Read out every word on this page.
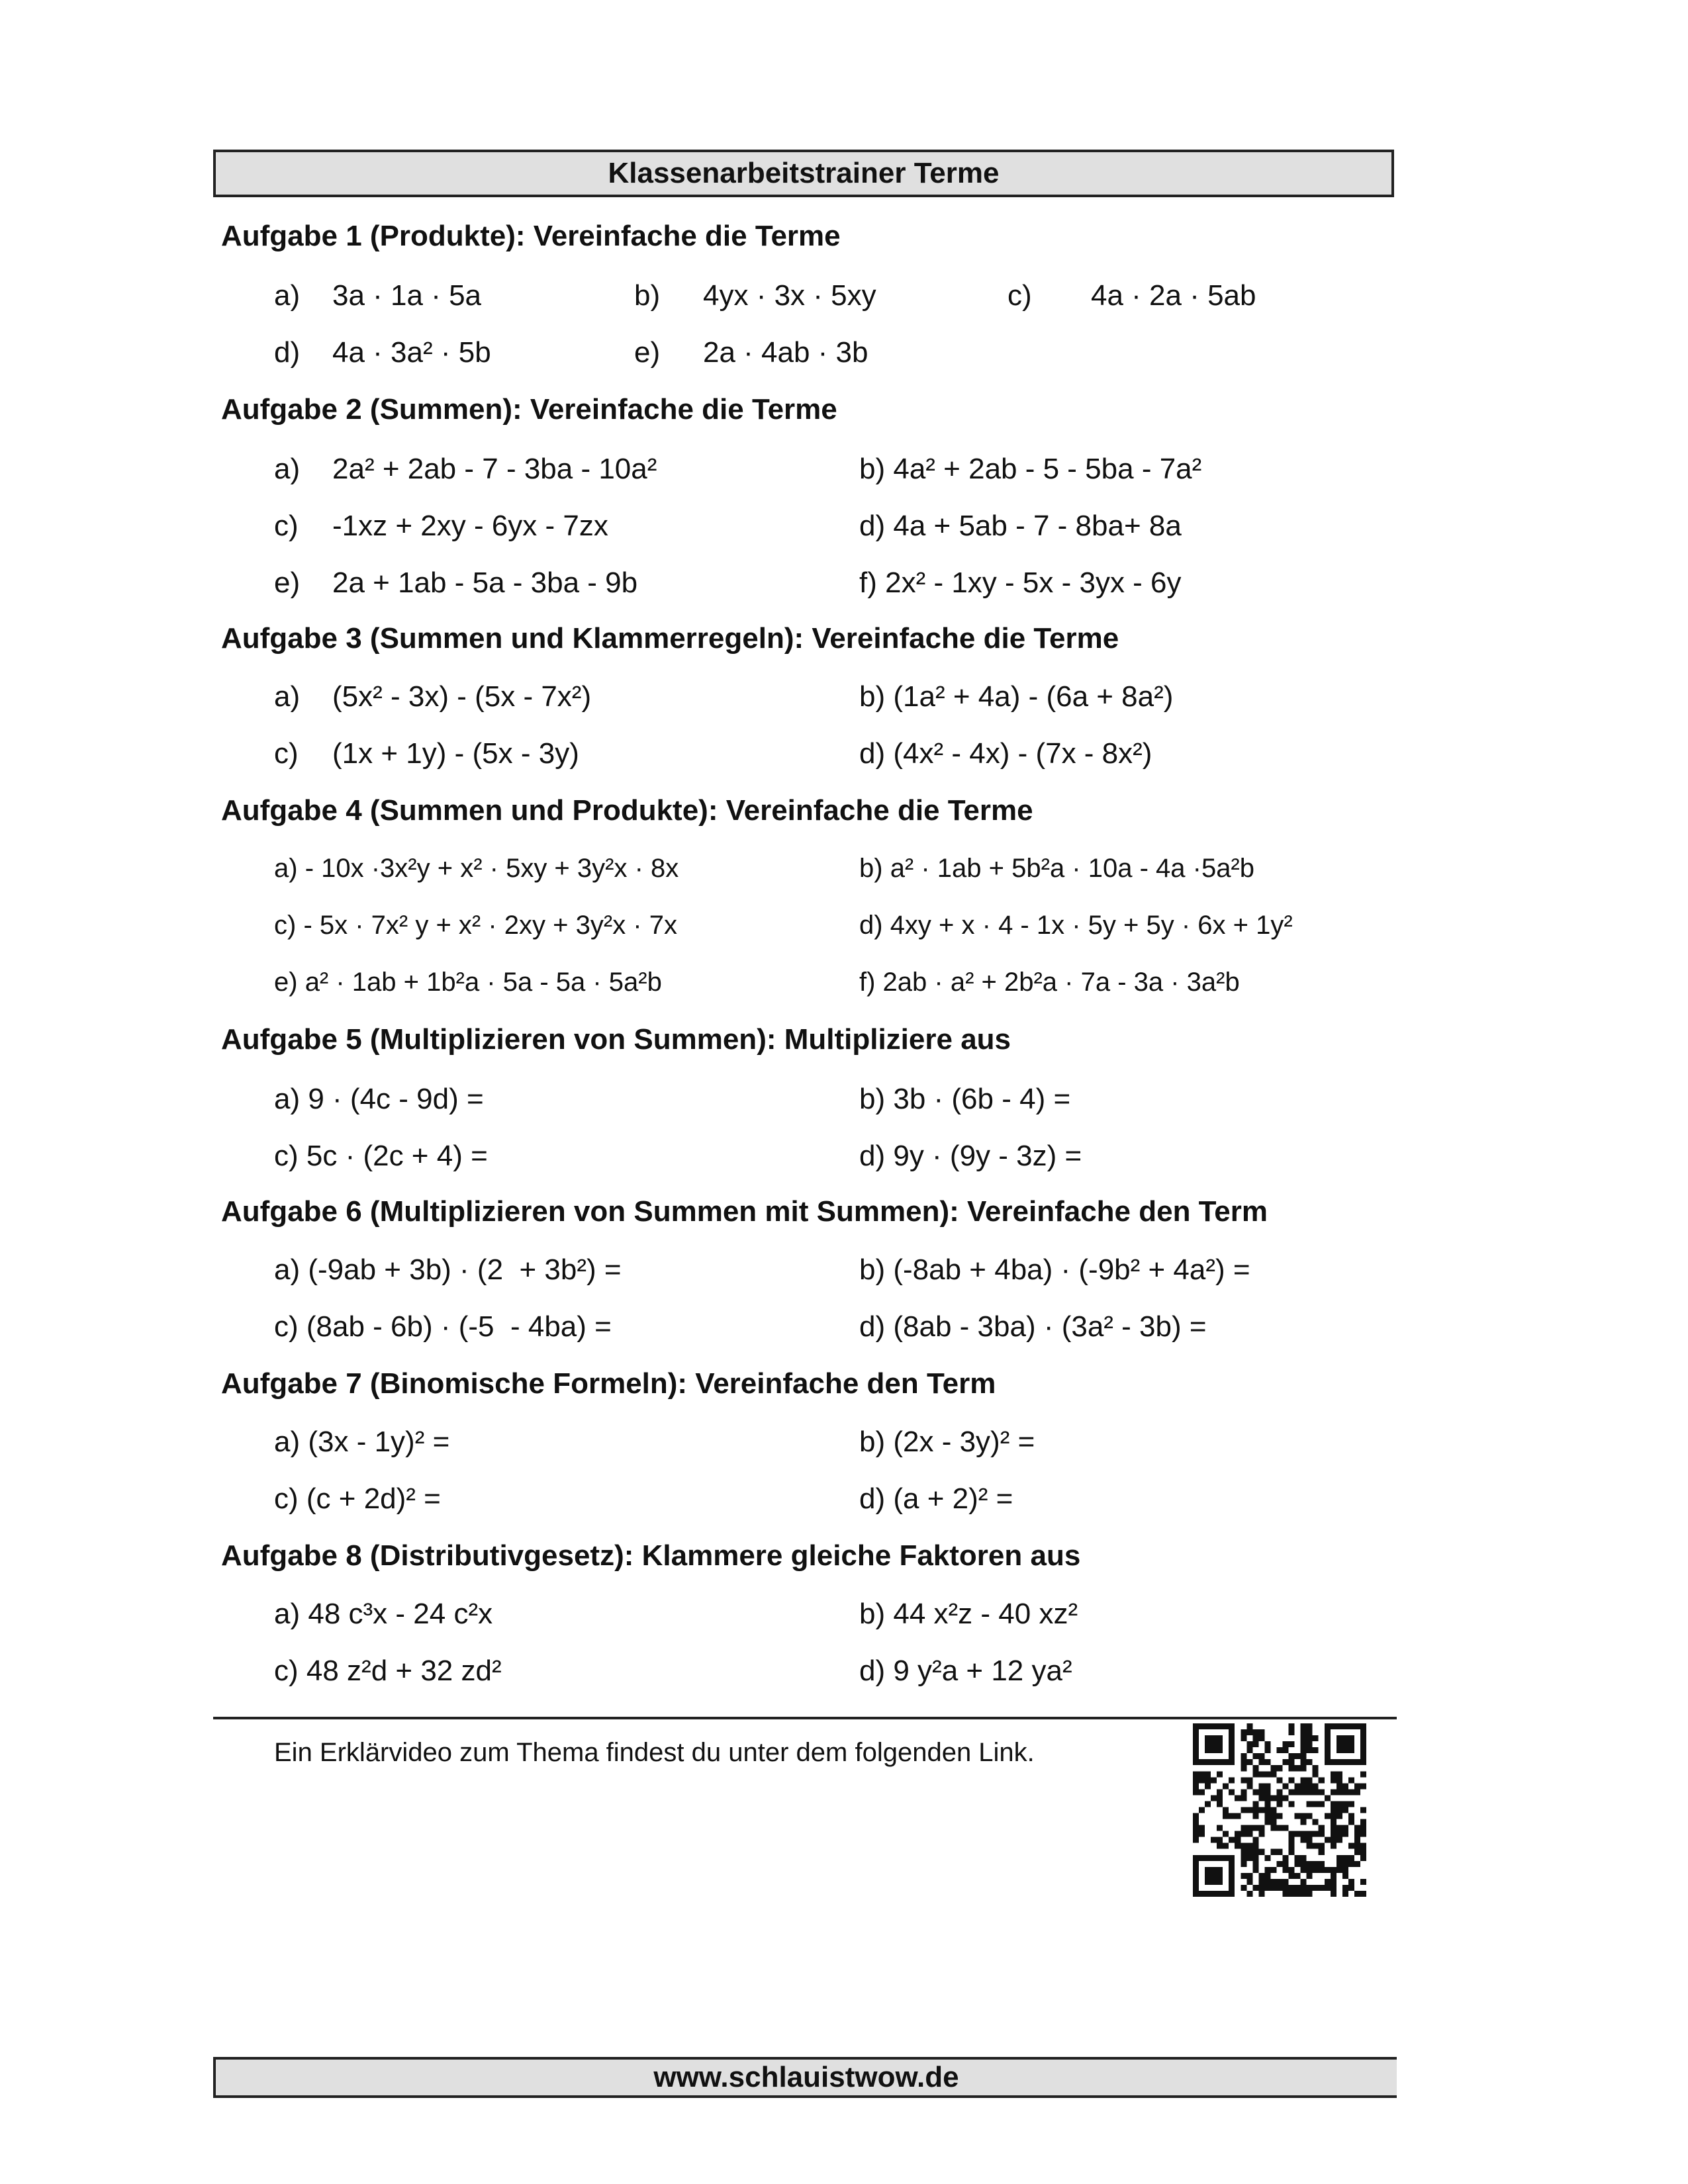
Klassenarbeitstrainer Terme
Aufgabe 1 (Produkte): Vereinfache die Terme
a) 3a · 1a · 5a	b) 4yx · 3x · 5xy	c) 4a · 2a · 5ab
d) 4a · 3a² · 5b	e) 2a · 4ab · 3b
Aufgabe 2 (Summen): Vereinfache die Terme
a) 2a² + 2ab - 7 - 3ba - 10a²	b) 4a² + 2ab - 5 - 5ba - 7a²
c) -1xz + 2xy - 6yx - 7zx	d) 4a + 5ab - 7 - 8ba+ 8a
e) 2a + 1ab - 5a - 3ba - 9b	f) 2x² - 1xy - 5x - 3yx - 6y
Aufgabe 3 (Summen und Klammerregeln): Vereinfache die Terme
a) (5x² - 3x) - (5x - 7x²)	b) (1a² + 4a) - (6a + 8a²)
c) (1x + 1y) - (5x - 3y)	d) (4x² - 4x) - (7x - 8x²)
Aufgabe 4 (Summen und Produkte): Vereinfache die Terme
a) - 10x ·3x²y + x² · 5xy + 3y²x · 8x	b) a² · 1ab + 5b²a · 10a - 4a ·5a²b
c) - 5x · 7x² y + x² · 2xy + 3y²x · 7x	d) 4xy + x · 4 - 1x · 5y + 5y · 6x + 1y²
e) a² · 1ab + 1b²a · 5a - 5a · 5a²b	f) 2ab · a² + 2b²a · 7a - 3a · 3a²b
Aufgabe 5 (Multiplizieren von Summen): Multipliziere aus
a) 9 · (4c - 9d) =	b) 3b · (6b - 4) =
c) 5c · (2c + 4) =	d) 9y · (9y - 3z) =
Aufgabe 6 (Multiplizieren von Summen mit Summen): Vereinfache den Term
a) (-9ab + 3b) · (2  + 3b²) =	b) (-8ab + 4ba) · (-9b² + 4a²) =
c) (8ab - 6b) · (-5  - 4ba) =	d) (8ab - 3ba) · (3a² - 3b) =
Aufgabe 7 (Binomische Formeln): Vereinfache den Term
a) (3x - 1y)² =	b) (2x - 3y)² =
c) (c + 2d)² =	d) (a + 2)² =
Aufgabe 8 (Distributivgesetz): Klammere gleiche Faktoren aus
a) 48 c³x - 24 c²x	b) 44 x²z - 40 xz²
c) 48 z²d + 32 zd²	d) 9 y²a + 12 ya²
Ein Erklärvideo zum Thema findest du unter dem folgenden Link.
www.schlauistwow.de
